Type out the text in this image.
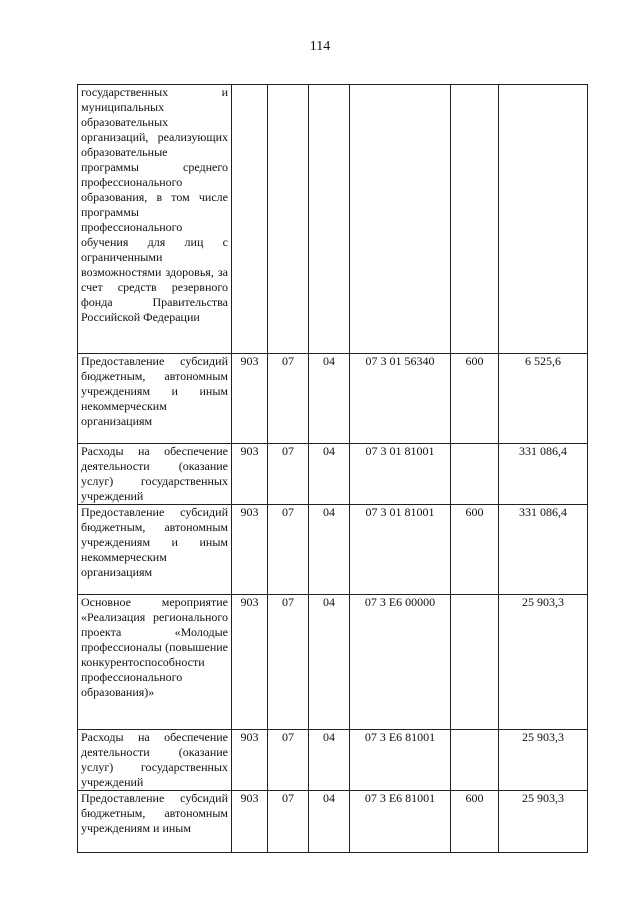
114
государственных и муниципальных образовательных организаций, реализующих образовательные программы среднего профессионального образования, в том числе программы профессионального обучения для лиц с ограниченными возможностями здоровья, за счет средств резервного фонда Правительства Российской Федерации						
Предоставление субсидий бюджетным, автономным учреждениям и иным некоммерческим организациям	903	07	04	07 3 01 56340	600	6 525,6
Расходы на обеспечение деятельности (оказание услуг) государственных учреждений	903	07	04	07 3 01 81001		331 086,4
Предоставление субсидий бюджетным, автономным учреждениям и иным некоммерческим организациям	903	07	04	07 3 01 81001	600	331 086,4
Основное мероприятие «Реализация регионального проекта «Молодые профессионалы (повышение конкурентоспособности профессионального образования)»	903	07	04	07 3 Е6 00000		25 903,3
Расходы на обеспечение деятельности (оказание услуг) государственных учреждений	903	07	04	07 3 Е6 81001		25 903,3
Предоставление субсидий бюджетным, автономным учреждениям и иным	903	07	04	07 3 Е6 81001	600	25 903,3
